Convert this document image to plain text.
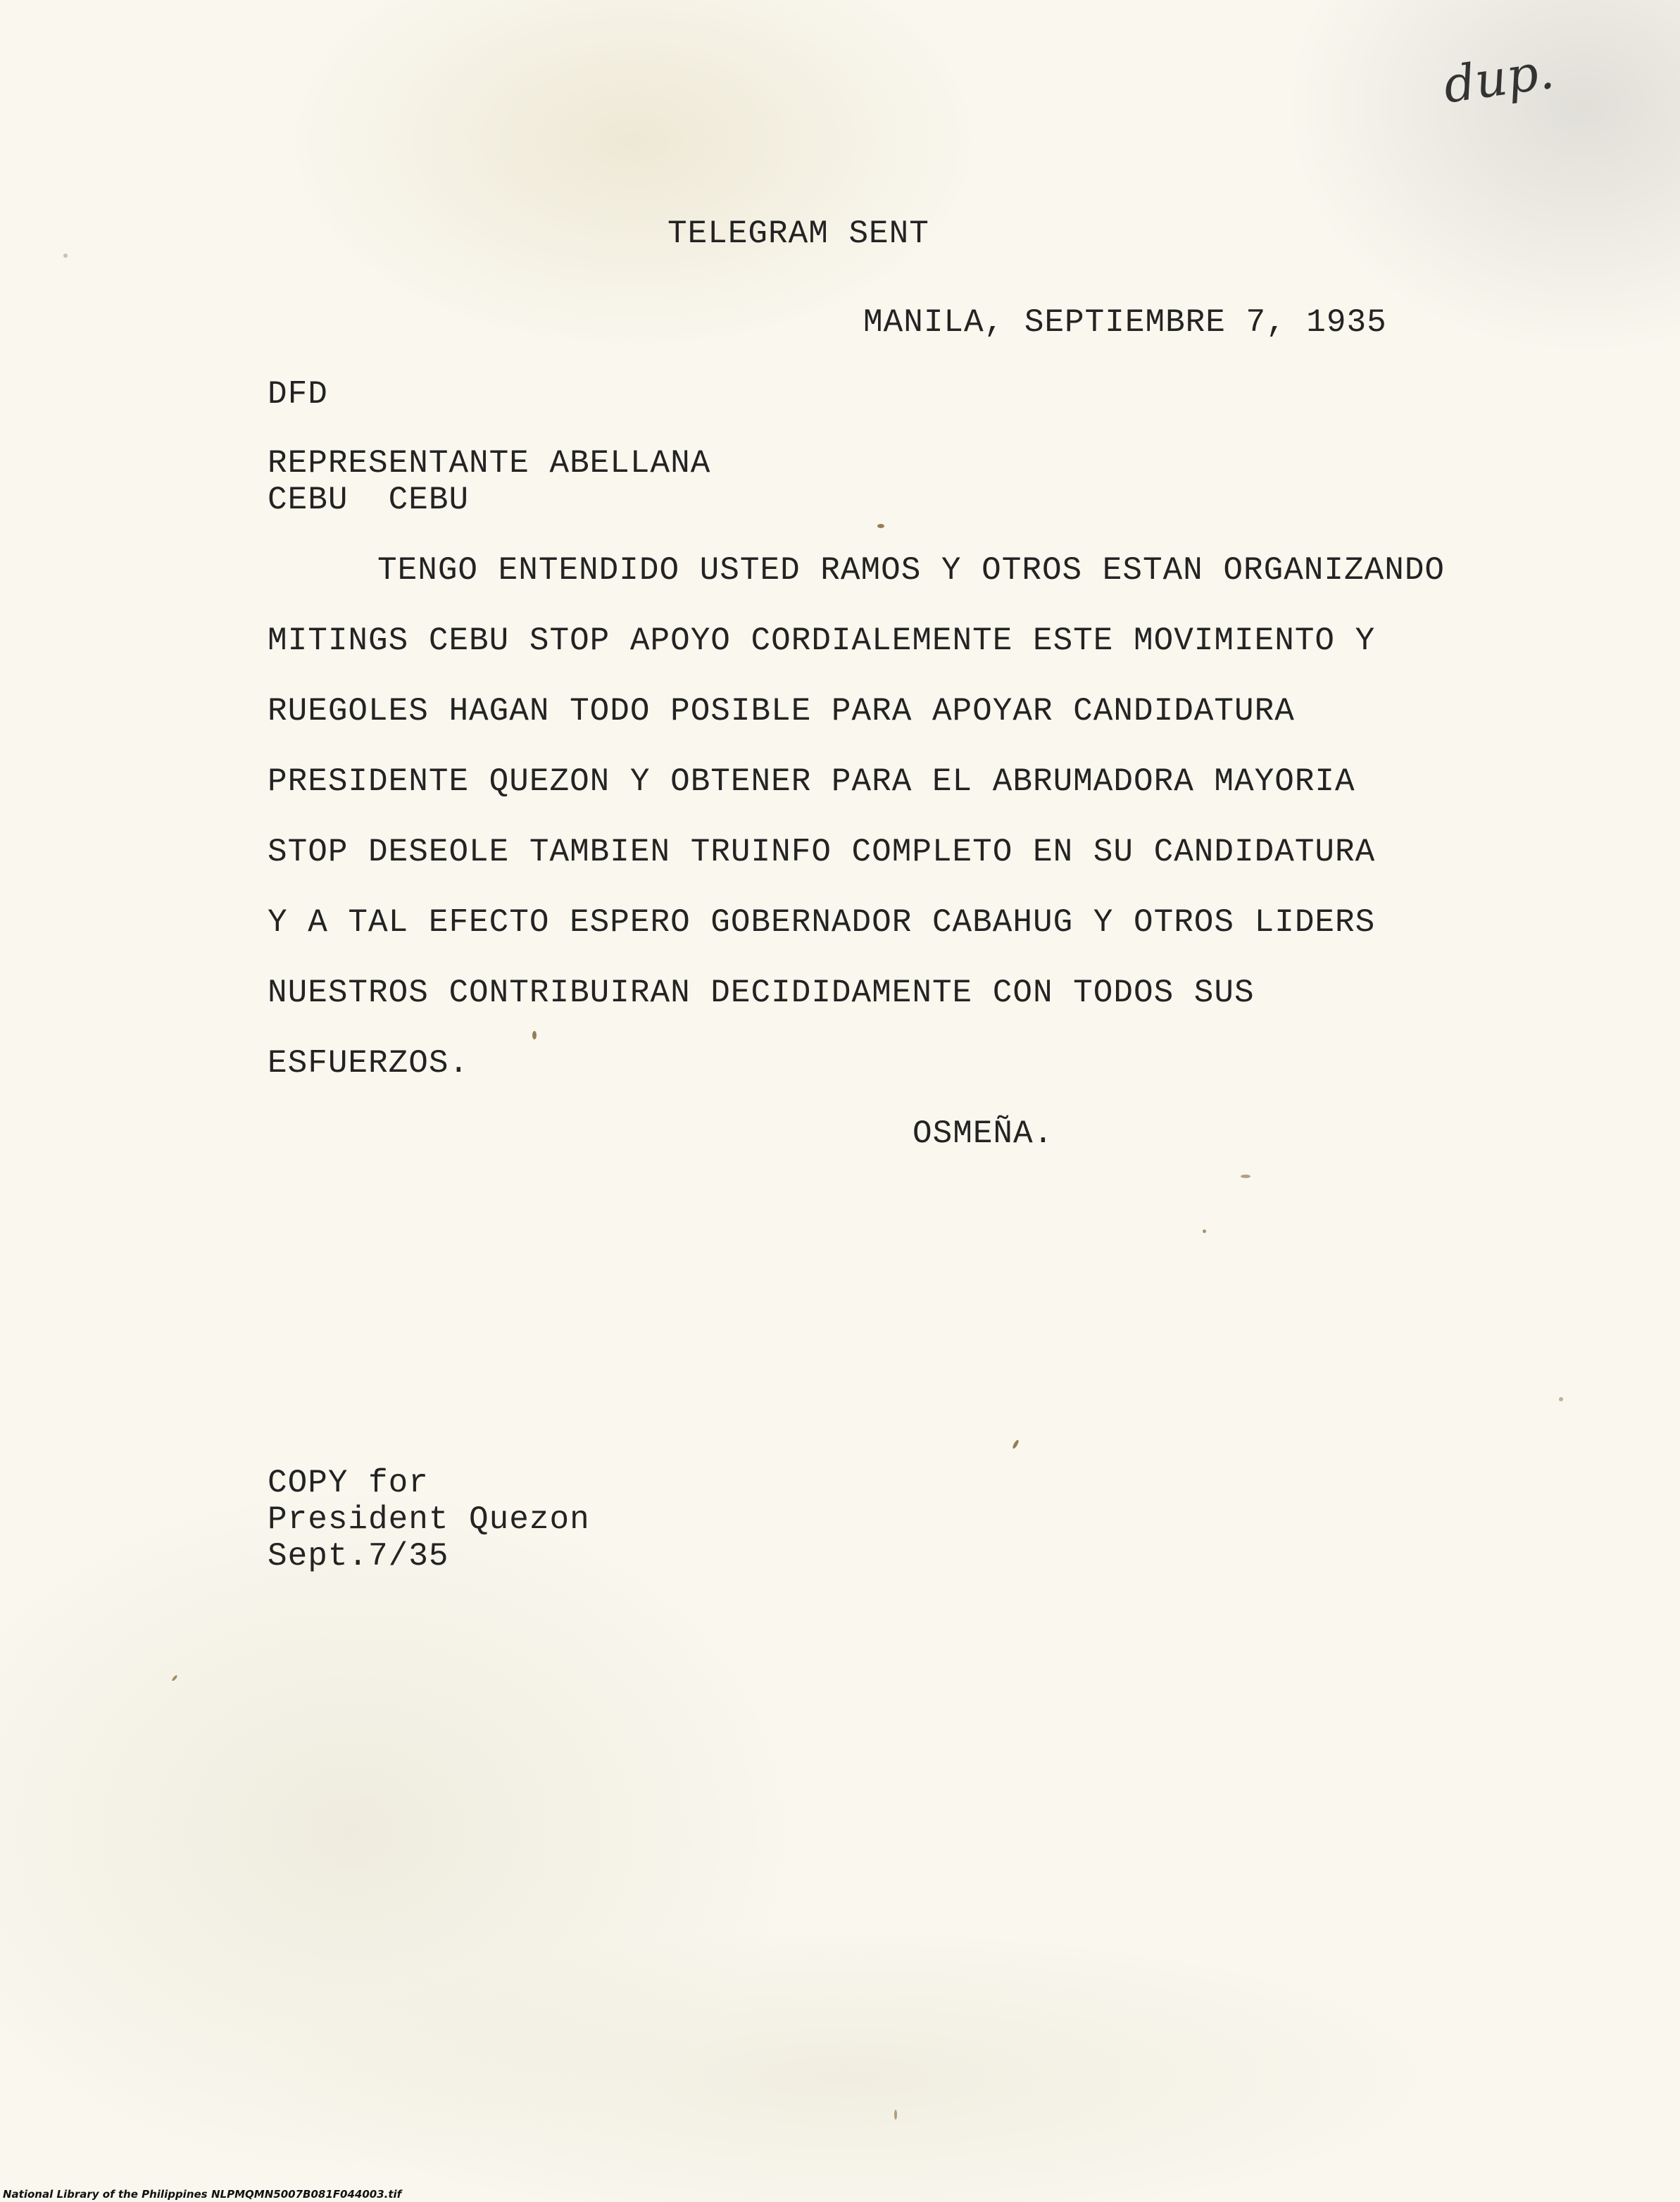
dup.
TELEGRAM SENT
MANILA, SEPTIEMBRE 7, 1935
DFD
REPRESENTANTE ABELLANA
CEBU  CEBU
TENGO ENTENDIDO USTED RAMOS Y OTROS ESTAN ORGANIZANDO
MITINGS CEBU STOP APOYO CORDIALEMENTE ESTE MOVIMIENTO Y
RUEGOLES HAGAN TODO POSIBLE PARA APOYAR CANDIDATURA
PRESIDENTE QUEZON Y OBTENER PARA EL ABRUMADORA MAYORIA
STOP DESEOLE TAMBIEN TRUINFO COMPLETO EN SU CANDIDATURA
Y A TAL EFECTO ESPERO GOBERNADOR CABAHUG Y OTROS LIDERS
NUESTROS CONTRIBUIRAN DECIDIDAMENTE CON TODOS SUS
ESFUERZOS.
OSMEÑA.
COPY for
President Quezon
Sept.7/35
National Library of the Philippines NLPMQMN5007B081F044003.tif
